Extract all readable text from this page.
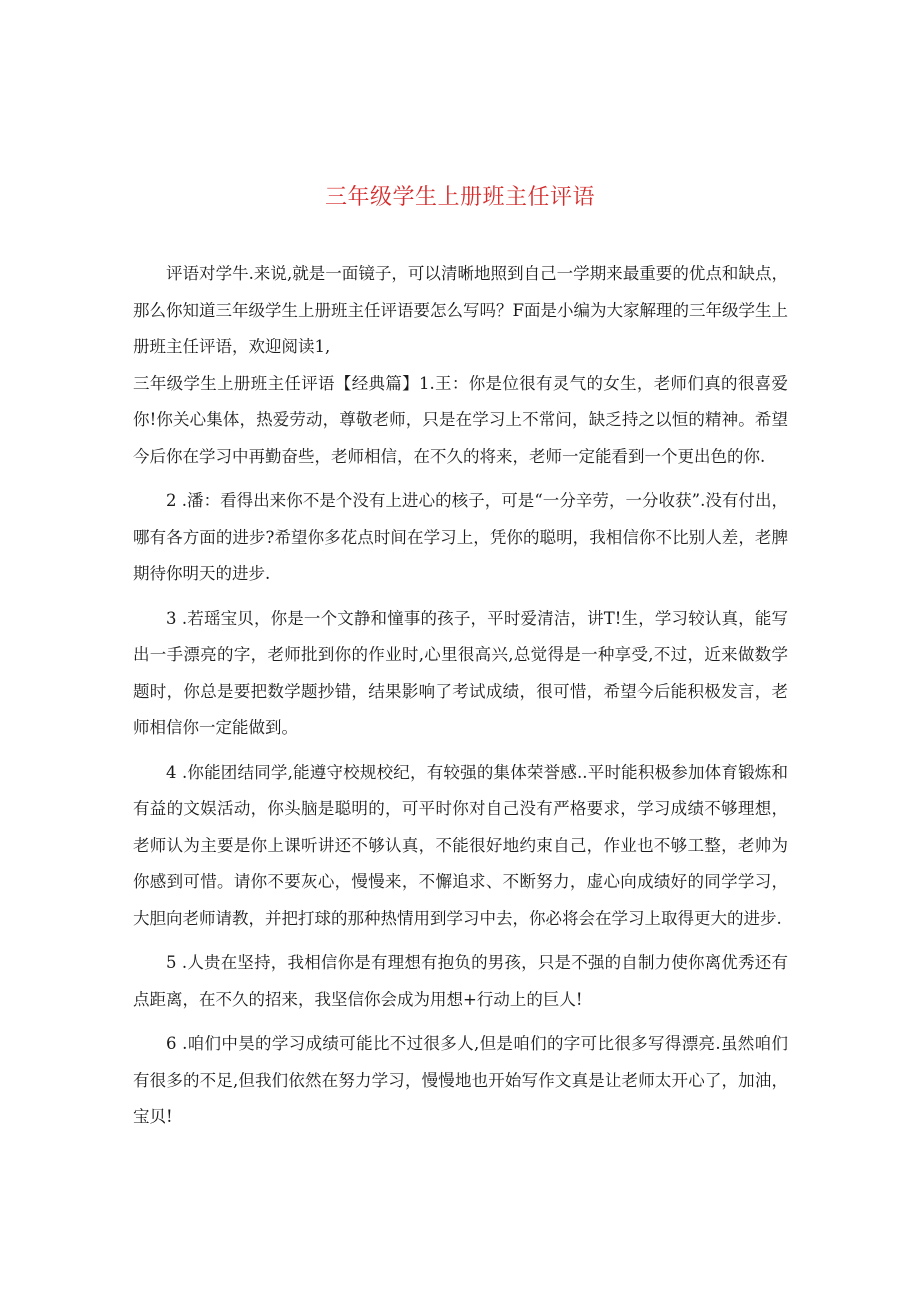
三年级学生上册班主任评语

评语对学牛.来说,就是一面镜子，可以清晰地照到自己一学期来最重要的优点和缺点，那么你知道三年级学生上册班主任评语要怎么写吗？F面是小编为大家解理的三年级学生上册班主任评语，欢迎阅读1,

三年级学生上册班主任评语【经典篇】1.王：你是位很有灵气的女生，老师们真的很喜爱你!你关心集体，热爱劳动，尊敬老师，只是在学习上不常问，缺乏持之以恒的精神。希望今后你在学习中再勤奋些，老师相信，在不久的将来，老师一定能看到一个更出色的你.

2 .潘：看得出来你不是个没有上进心的核子，可是“一分辛劳，一分收获”.没有付出，哪有各方面的进步?希望你多花点时间在学习上，凭你的聪明，我相信你不比别人差，老脾期待你明天的进步.

3 .若瑶宝贝，你是一个文静和憧事的孩子，平时爱清洁，讲T!生，学习较认真，能写出一手漂亮的字，老师批到你的作业时,心里很高兴,总觉得是一种享受,不过，近来做数学题时，你总是要把数学题抄错，结果影响了考试成绩，很可惜，希望今后能积极发言，老师相信你一定能做到。

4 .你能团结同学,能遵守校规校纪，有较强的集体荣誉感..平时能积极参加体育锻炼和有益的文娱活动，你头脑是聪明的，可平时你对自己没有严格要求，学习成绩不够理想，老师认为主要是你上课听讲还不够认真，不能很好地约束自己，作业也不够工整，老帅为你感到可惜。请你不要灰心，慢慢来，不懈追求、不断努力，虚心向成绩好的同学学习，大胆向老师请教，并把打球的那种热情用到学习中去，你必将会在学习上取得更大的进步.

5 .人贵在坚持，我相信你是有理想有抱负的男孩，只是不强的自制力使你离优秀还有点距离，在不久的招来，我坚信你会成为用想+行动上的巨人!

6 .咱们中昊的学习成绩可能比不过很多人,但是咱们的字可比很多写得漂亮.虽然咱们有很多的不足,但我们依然在努力学习，慢慢地也开始写作文真是让老师太开心了，加油，宝贝!
